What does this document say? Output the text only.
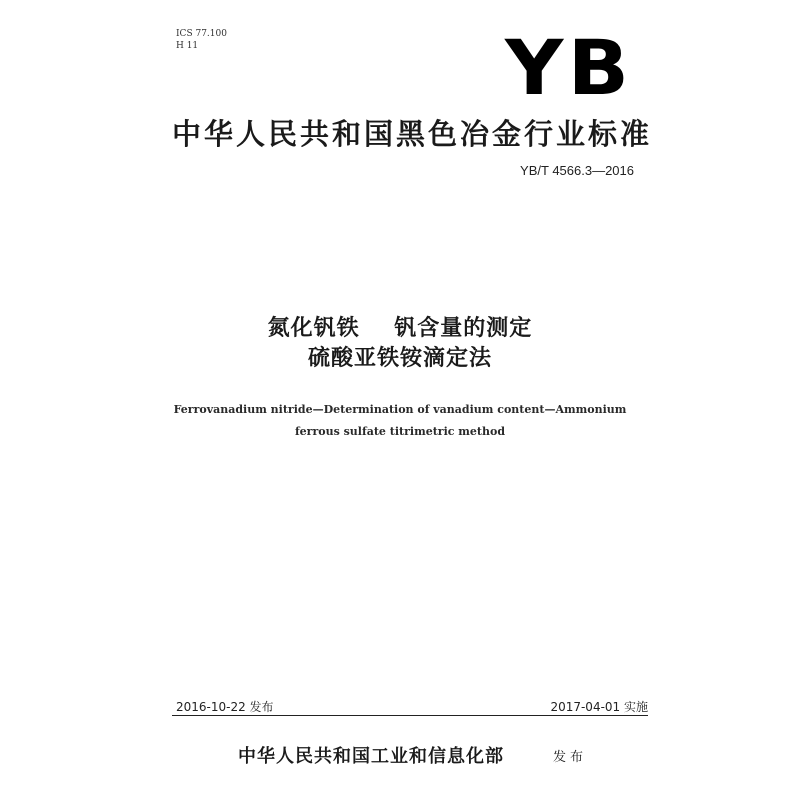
ICS 77.100
H 11	YB
中华人民共和国黑色冶金行业标准
YB/T 4566.3—2016
氮化钒铁    钒含量的测定
硫酸亚铁铵滴定法
Ferrovanadium nitride—Determination of vanadium content—Ammonium
ferrous sulfate titrimetric method
2016-10-22 发布	2017-04-01 实施
中华人民共和国工业和信息化部	发布
